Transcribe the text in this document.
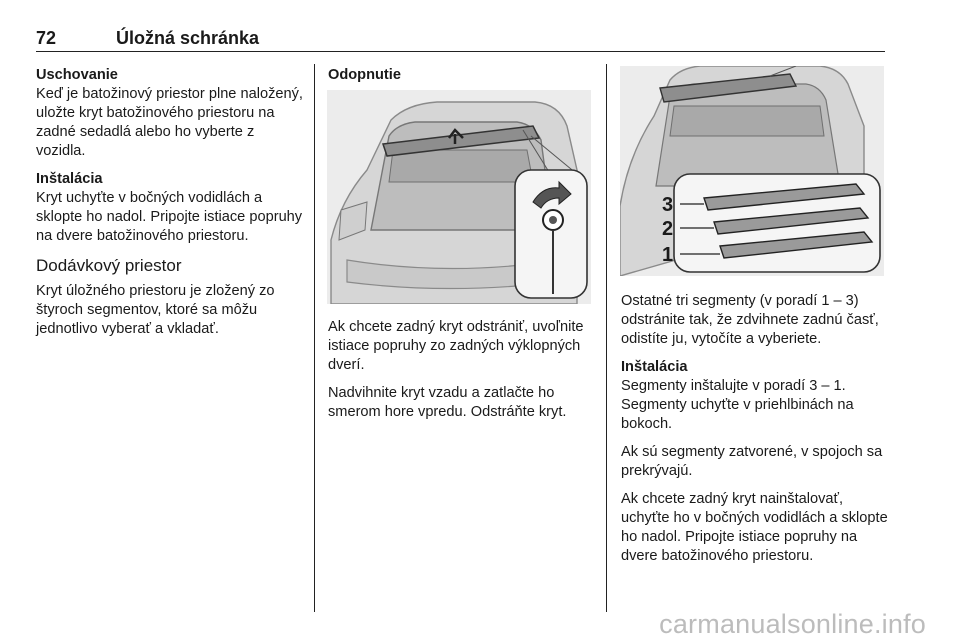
72	Úložná schránka
Uschovanie

Keď je batožinový priestor plne naložený, uložte kryt batožinového priestoru na zadné sedadlá alebo ho vyberte z vozidla.

Inštalácia

Kryt uchyťte v bočných vodidlách a sklopte ho nadol. Pripojte istiace popruhy na dvere batožinového priestoru.

Dodávkový priestor

Kryt úložného priestoru je zložený zo štyroch segmentov, ktoré sa môžu jednotlivo vyberať a vkladať.

Odopnutie

Ak chcete zadný kryt odstrániť, uvoľnite istiace popruhy zo zadných výklopných dverí.

Nadvihnite kryt vzadu a zatlačte ho smerom hore vpredu. Odstráňte kryt.

3
2
1

Ostatné tri segmenty (v poradí 1 – 3) odstránite tak, že zdvihnete zadnú časť, odistíte ju, vytočíte a vyberiete.

Inštalácia

Segmenty inštalujte v poradí 3 – 1. Segmenty uchyťte v priehlbinách na bokoch.

Ak sú segmenty zatvorené, v spojoch sa prekrývajú.

Ak chcete zadný kryt nainštalovať, uchyťte ho v bočných vodidlách a sklopte ho nadol. Pripojte istiace popruhy na dvere batožinového priestoru.

carmanualsonline.info
